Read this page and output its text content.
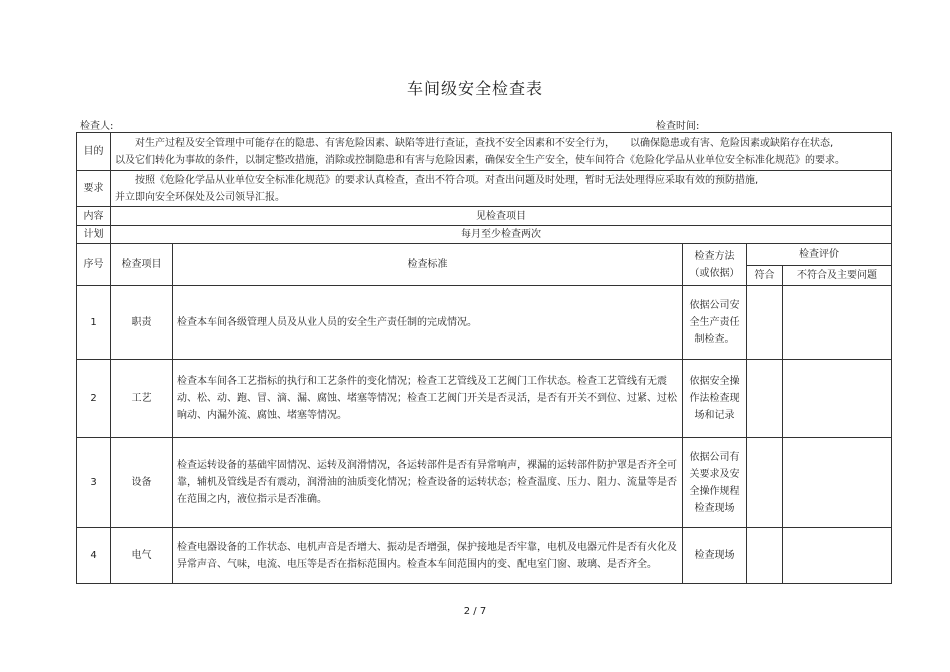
车间级安全检查表
检查人:	检查时间:
目的	对生产过程及安全管理中可能存在的隐患、有害危险因素、缺陷等进行查证，查找不安全因素和不安全行为，　　以确保隐患或有害、危险因素或缺陷存在状态,
以及它们转化为事故的条件，以制定整改措施，消除或控制隐患和有害与危险因素，确保安全生产安全，使车间符合《危险化学品从业单位安全标准化规范》的要求。				

要求	按照《危险化学品从业单位安全标准化规范》的要求认真检查，查出不符合项。对查出问题及时处理，暂时无法处理得应采取有效的预防措施,
并立即向安全环保处及公司领导汇报。				

内容	见检查项目				
计划	每月至少检查两次				
序号	检查项目	检查标准	检查方法（或依据）	检查评价	
				符合	不符合及主要问题
1	职责	检查本车间各级管理人员及从业人员的安全生产责任制的完成情况。	依据公司安全生产责任制检查。		
2	工艺	检查本车间各工艺指标的执行和工艺条件的变化情况；检查工艺管线及工艺阀门工作状态。检查工艺管线有无震动、松、动、跑、冒、滴、漏、腐蚀、堵塞等情况；检查工艺阀门开关是否灵活，是否有开关不到位、过紧、过松晌动、内漏外流、腐蚀、堵塞等情况。	依据安全操作法检查现场和记录		
3	设备	检查运转设备的基础牢固情况、运转及润滑情况，各运转部件是否有异常响声，裸漏的运转部件防护罩是否齐全可靠，辅机及管线是否有震动，润滑油的油质变化情况；检查设备的运转状态；检查温度、压力、阻力、流量等是否在范围之内，液位指示是否准确。	依据公司有关要求及安全操作规程检查现场		
4	电气	检查电器设备的工作状态、电机声音是否增大、振动是否增强，保护接地是否牢靠，电机及电器元件是否有火化及异常声音、气味，电流、电压等是否在指标范围内。检查本车间范围内的变、配电室门窗、玻璃、是否齐全。	检查现场		
2 / 7
